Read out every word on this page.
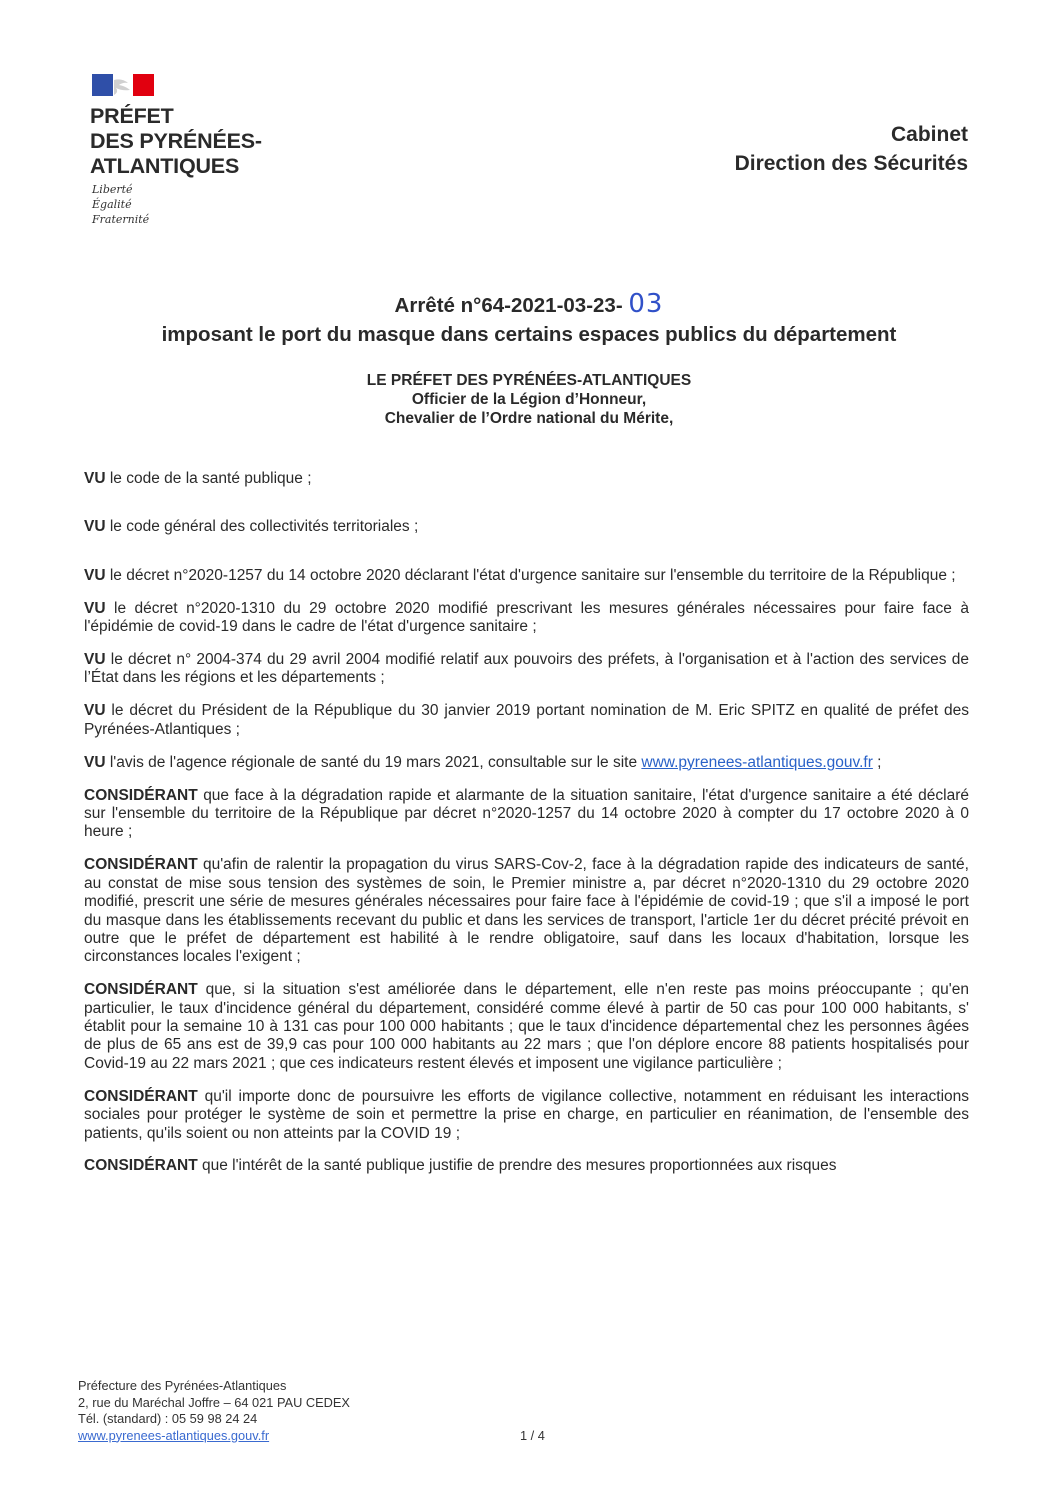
PRÉFET
DES PYRÉNÉES-
ATLANTIQUES
Liberté
Égalité
Fraternité
Cabinet
Direction des Sécurités
Arrêté n°64-2021-03-23- 03
imposant le port du masque dans certains espaces publics du département
LE PRÉFET DES PYRÉNÉES-ATLANTIQUES
Officier de la Légion d’Honneur,
Chevalier de l’Ordre national du Mérite,

VU le code de la santé publique ;

VU le code général des collectivités territoriales ;

VU le décret n°2020-1257 du 14 octobre 2020 déclarant l'état d'urgence sanitaire sur l'ensemble du territoire de la République ;

VU le décret n°2020-1310 du 29 octobre 2020 modifié prescrivant les mesures générales nécessaires pour faire face à l'épidémie de covid-19 dans le cadre de l'état d'urgence sanitaire ;

VU le décret n° 2004-374 du 29 avril 2004 modifié relatif aux pouvoirs des préfets, à l'organisation et à l'action des services de l’État dans les régions et les départements ;

VU le décret du Président de la République du 30 janvier 2019 portant nomination de M. Eric SPITZ en qualité de préfet des Pyrénées-Atlantiques ;

VU l'avis de l'agence régionale de santé du 19 mars 2021, consultable sur le site www.pyrenees-atlantiques.gouv.fr ;

CONSIDÉRANT que face à la dégradation rapide et alarmante de la situation sanitaire, l'état d'urgence sanitaire a été déclaré sur l'ensemble du territoire de la République par décret n°2020-1257 du 14 octobre 2020 à compter du 17 octobre 2020 à 0 heure ;

CONSIDÉRANT qu'afin de ralentir la propagation du virus SARS-Cov-2, face à la dégradation rapide des indicateurs de santé, au constat de mise sous tension des systèmes de soin, le Premier ministre a, par décret n°2020-1310 du 29 octobre 2020 modifié, prescrit une série de mesures générales nécessaires pour faire face à l'épidémie de covid-19 ; que s'il a imposé le port du masque dans les établissements recevant du public et dans les services de transport, l'article 1er du décret précité prévoit en outre que le préfet de département est habilité à le rendre obligatoire, sauf dans les locaux d'habitation, lorsque les circonstances locales l'exigent ;

CONSIDÉRANT que, si la situation s'est améliorée dans le département, elle n'en reste pas moins préoccupante ; qu'en particulier, le taux d'incidence général du département, considéré comme élevé à partir de 50 cas pour 100 000 habitants, s' établit pour la semaine 10 à 131 cas pour 100 000 habitants ; que le taux d'incidence départemental chez les personnes âgées de plus de 65 ans est de 39,9 cas pour 100 000 habitants au 22 mars ; que l'on déplore encore 88 patients hospitalisés pour Covid-19 au 22 mars 2021 ; que ces indicateurs restent élevés et imposent une vigilance particulière ;

CONSIDÉRANT qu'il importe donc de poursuivre les efforts de vigilance collective, notamment en réduisant les interactions sociales pour protéger le système de soin et permettre la prise en charge, en particulier en réanimation, de l'ensemble des patients, qu'ils soient ou non atteints par la COVID 19 ;

CONSIDÉRANT que l'intérêt de la santé publique justifie de prendre des mesures proportionnées aux risques

Préfecture des Pyrénées-Atlantiques
2, rue du Maréchal Joffre – 64 021 PAU CEDEX
Tél. (standard) : 05 59 98 24 24
www.pyrenees-atlantiques.gouv.fr	1 / 4
